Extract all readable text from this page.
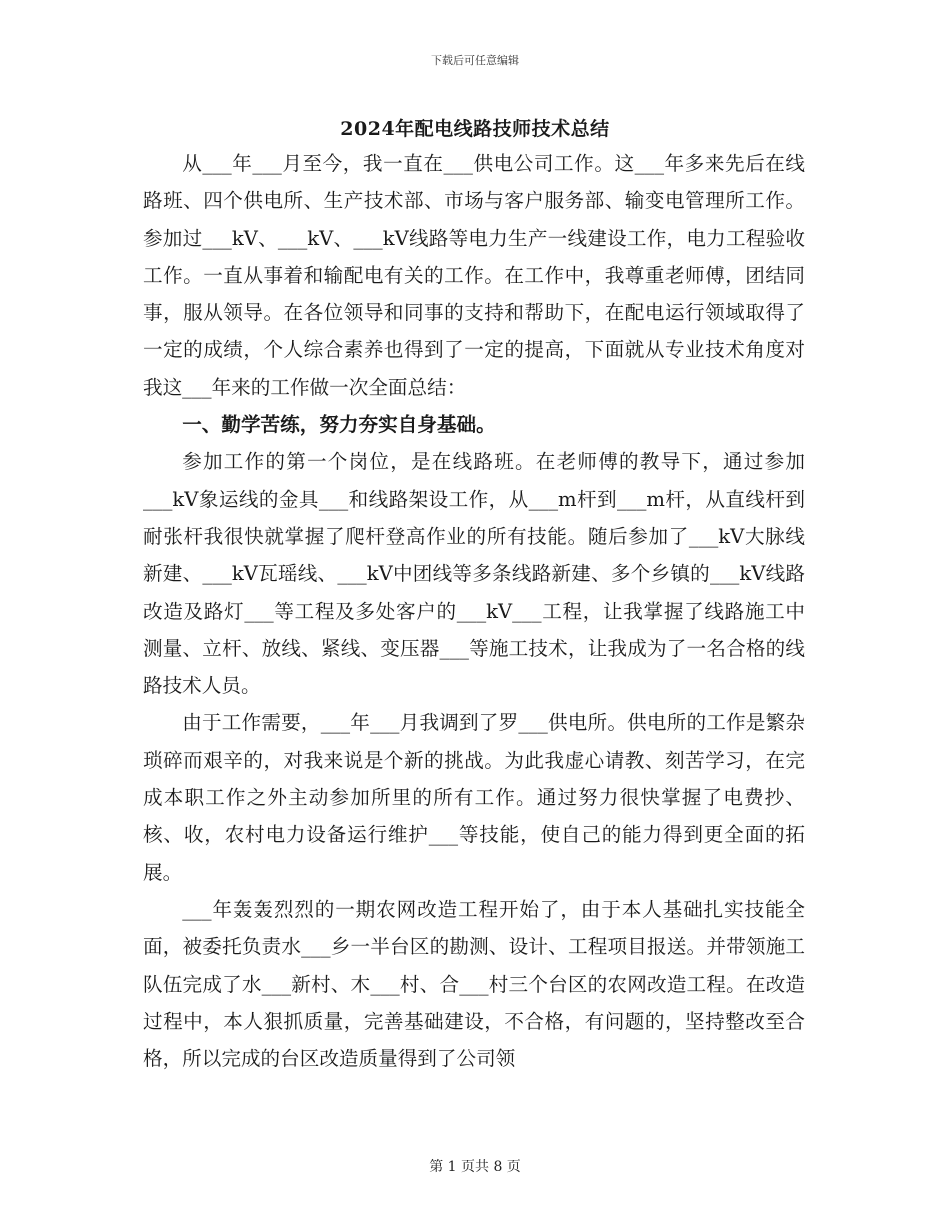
下载后可任意编辑
2024年配电线路技师技术总结

从___年___月至今，我一直在___供电公司工作。这___年多来先后在线路班、四个供电所、生产技术部、市场与客户服务部、输变电管理所工作。参加过___kV、___kV、___kV线路等电力生产一线建设工作，电力工程验收工作。一直从事着和输配电有关的工作。在工作中，我尊重老师傅，团结同事，服从领导。在各位领导和同事的支持和帮助下，在配电运行领域取得了一定的成绩，个人综合素养也得到了一定的提高，下面就从专业技术角度对我这___年来的工作做一次全面总结：

一、勤学苦练，努力夯实自身基础。

参加工作的第一个岗位，是在线路班。在老师傅的教导下，通过参加___kV象运线的金具___和线路架设工作，从___m杆到___m杆，从直线杆到耐张杆我很快就掌握了爬杆登高作业的所有技能。随后参加了___kV大脉线新建、___kV瓦瑶线、___kV中团线等多条线路新建、多个乡镇的___kV线路改造及路灯___等工程及多处客户的___kV___工程，让我掌握了线路施工中测量、立杆、放线、紧线、变压器___等施工技术，让我成为了一名合格的线路技术人员。

由于工作需要，___年___月我调到了罗___供电所。供电所的工作是繁杂琐碎而艰辛的，对我来说是个新的挑战。为此我虚心请教、刻苦学习，在完成本职工作之外主动参加所里的所有工作。通过努力很快掌握了电费抄、核、收，农村电力设备运行维护___等技能，使自己的能力得到更全面的拓展。

___年轰轰烈烈的一期农网改造工程开始了，由于本人基础扎实技能全面，被委托负责水___乡一半台区的勘测、设计、工程项目报送。并带领施工队伍完成了水___新村、木___村、合___村三个台区的农网改造工程。在改造过程中，本人狠抓质量，完善基础建设，不合格，有问题的，坚持整改至合格，所以完成的台区改造质量得到了公司领

第 1 页共 8 页
